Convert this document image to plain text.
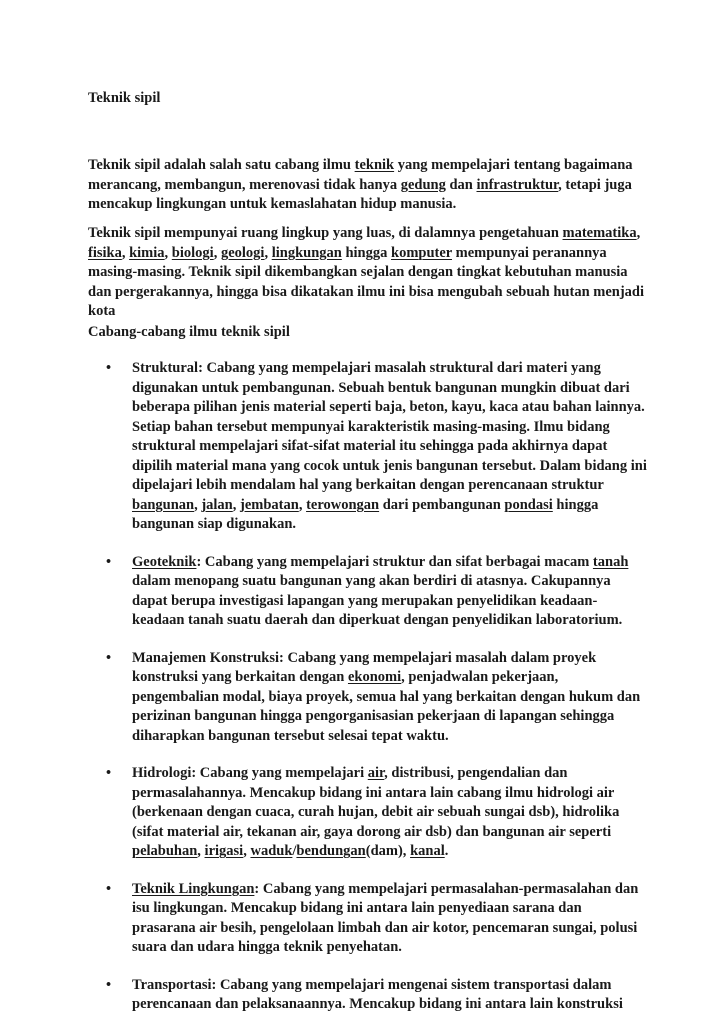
Teknik sipil

Teknik sipil adalah salah satu cabang ilmu teknik yang mempelajari tentang bagaimana merancang, membangun, merenovasi tidak hanya gedung dan infrastruktur, tetapi juga mencakup lingkungan untuk kemaslahatan hidup manusia.

Teknik sipil mempunyai ruang lingkup yang luas, di dalamnya pengetahuan matematika, fisika, kimia, biologi, geologi, lingkungan hingga komputer mempunyai peranannya masing-masing. Teknik sipil dikembangkan sejalan dengan tingkat kebutuhan manusia dan pergerakannya, hingga bisa dikatakan ilmu ini bisa mengubah sebuah hutan menjadi kota

Cabang-cabang ilmu teknik sipil
• Struktural: Cabang yang mempelajari masalah struktural dari materi yang digunakan untuk pembangunan. Sebuah bentuk bangunan mungkin dibuat dari beberapa pilihan jenis material seperti baja, beton, kayu, kaca atau bahan lainnya. Setiap bahan tersebut mempunyai karakteristik masing-masing. Ilmu bidang struktural mempelajari sifat-sifat material itu sehingga pada akhirnya dapat dipilih material mana yang cocok untuk jenis bangunan tersebut. Dalam bidang ini dipelajari lebih mendalam hal yang berkaitan dengan perencanaan struktur bangunan, jalan, jembatan, terowongan dari pembangunan pondasi hingga bangunan siap digunakan.
• Geoteknik: Cabang yang mempelajari struktur dan sifat berbagai macam tanah dalam menopang suatu bangunan yang akan berdiri di atasnya. Cakupannya dapat berupa investigasi lapangan yang merupakan penyelidikan keadaan-keadaan tanah suatu daerah dan diperkuat dengan penyelidikan laboratorium.
• Manajemen Konstruksi: Cabang yang mempelajari masalah dalam proyek konstruksi yang berkaitan dengan ekonomi, penjadwalan pekerjaan, pengembalian modal, biaya proyek, semua hal yang berkaitan dengan hukum dan perizinan bangunan hingga pengorganisasian pekerjaan di lapangan sehingga diharapkan bangunan tersebut selesai tepat waktu.
• Hidrologi: Cabang yang mempelajari air, distribusi, pengendalian dan permasalahannya. Mencakup bidang ini antara lain cabang ilmu hidrologi air (berkenaan dengan cuaca, curah hujan, debit air sebuah sungai dsb), hidrolika (sifat material air, tekanan air, gaya dorong air dsb) dan bangunan air seperti pelabuhan, irigasi, waduk/bendungan(dam), kanal.
• Teknik Lingkungan: Cabang yang mempelajari permasalahan-permasalahan dan isu lingkungan. Mencakup bidang ini antara lain penyediaan sarana dan prasarana air besih, pengelolaan limbah dan air kotor, pencemaran sungai, polusi suara dan udara hingga teknik penyehatan.
• Transportasi: Cabang yang mempelajari mengenai sistem transportasi dalam perencanaan dan pelaksanaannya. Mencakup bidang ini antara lain konstruksi
